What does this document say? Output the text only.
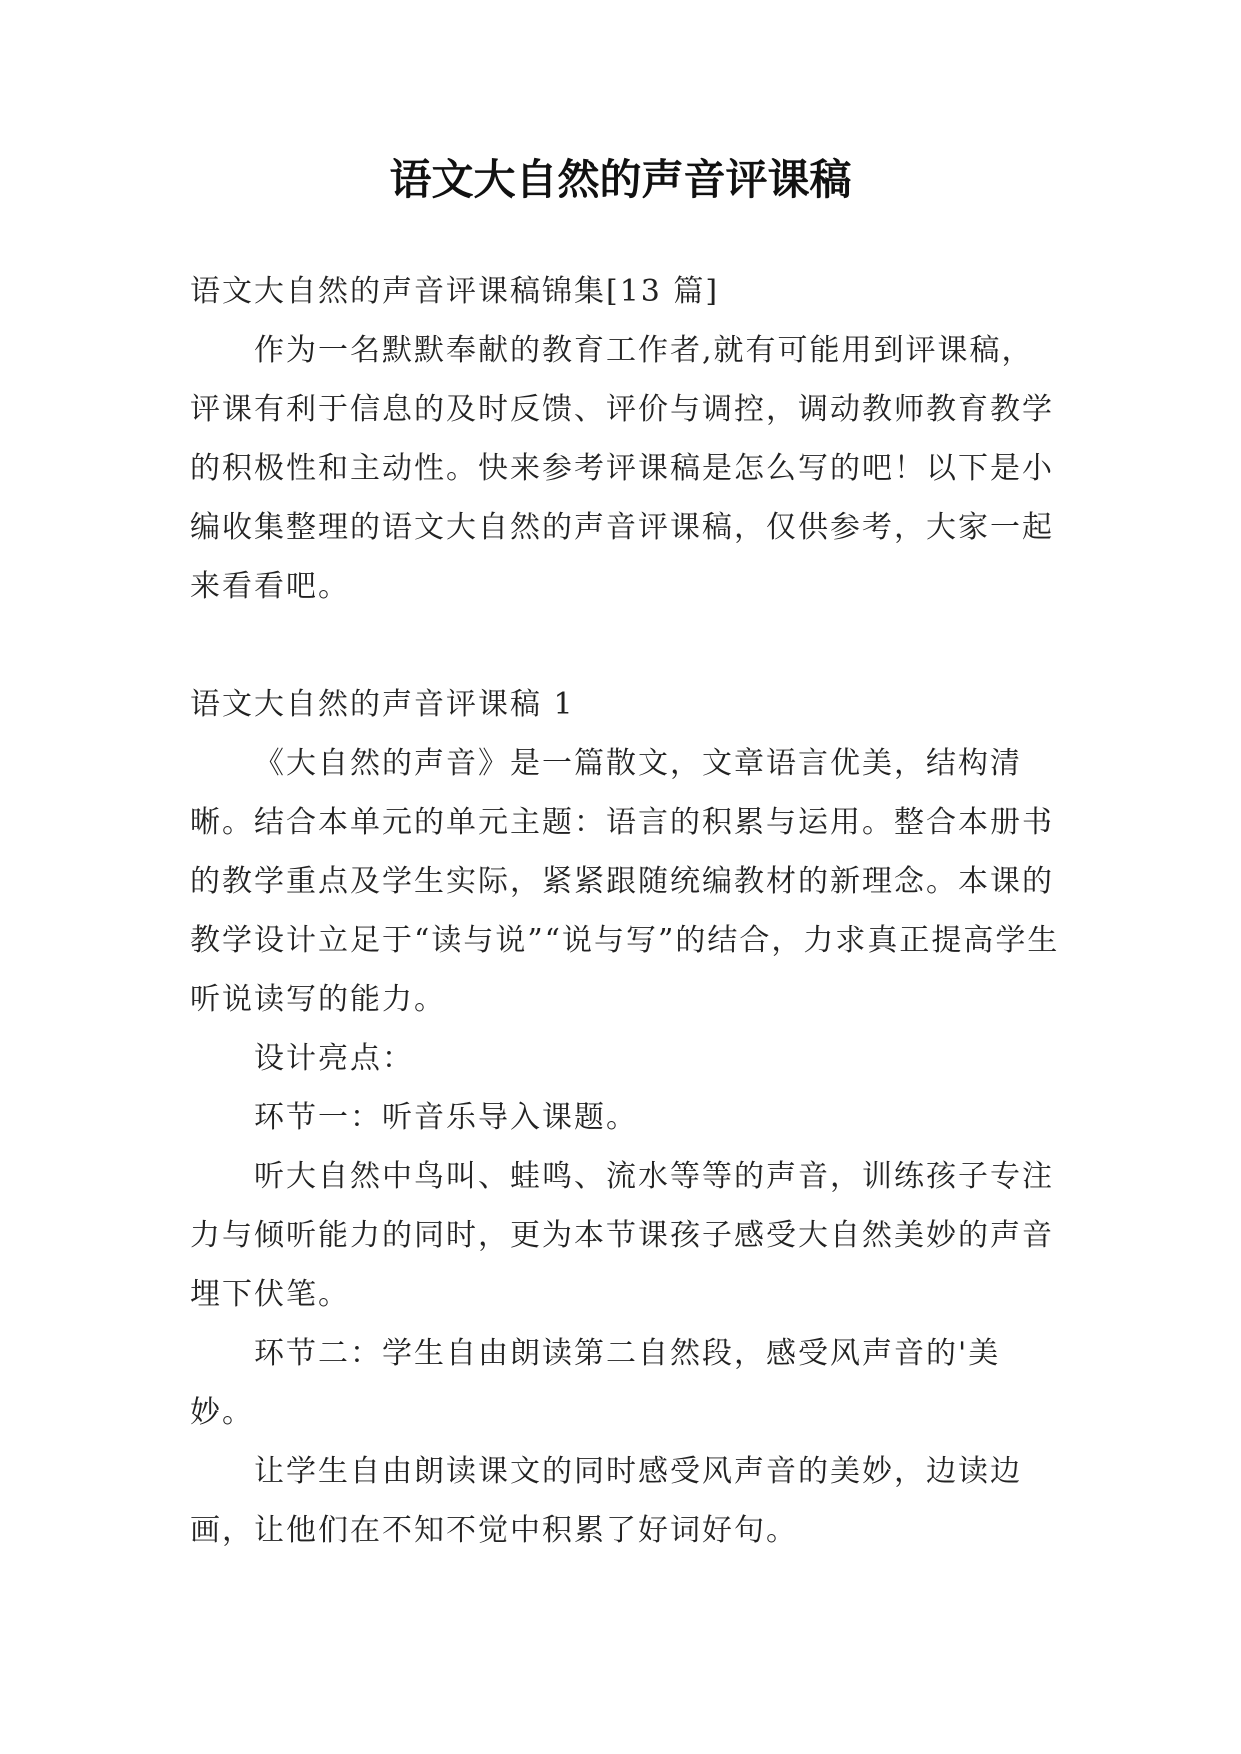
语文大自然的声音评课稿

语文大自然的声音评课稿锦集[13 篇]

作为一名默默奉献的教育工作者,就有可能用到评课稿，评课有利于信息的及时反馈、评价与调控，调动教师教育教学的积极性和主动性。快来参考评课稿是怎么写的吧！以下是小编收集整理的语文大自然的声音评课稿，仅供参考，大家一起来看看吧。

语文大自然的声音评课稿 1

《大自然的声音》是一篇散文，文章语言优美，结构清晰。结合本单元的单元主题：语言的积累与运用。整合本册书的教学重点及学生实际，紧紧跟随统编教材的新理念。本课的教学设计立足于“读与说”“说与写”的结合，力求真正提高学生听说读写的能力。

设计亮点：

环节一：听音乐导入课题。

听大自然中鸟叫、蛙鸣、流水等等的声音，训练孩子专注力与倾听能力的同时，更为本节课孩子感受大自然美妙的声音埋下伏笔。

环节二：学生自由朗读第二自然段，感受风声音的'美妙。

让学生自由朗读课文的同时感受风声音的美妙，边读边画，让他们在不知不觉中积累了好词好句。
